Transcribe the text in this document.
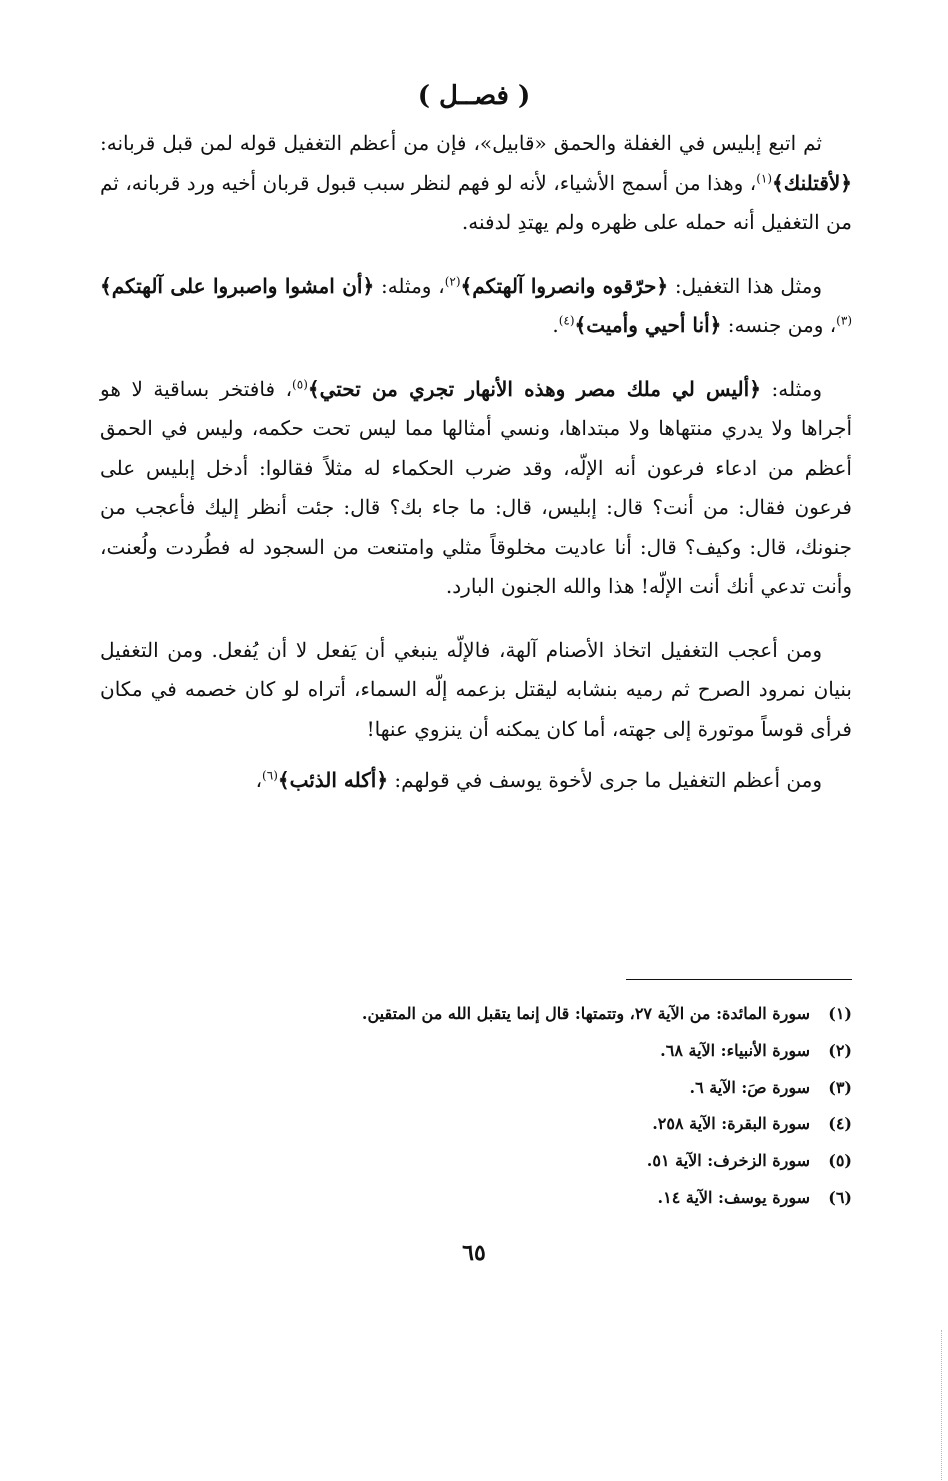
( فصــل )

ثم اتبع إبليس في الغفلة والحمق «قابيل»، فإن من أعظم التغفيل قوله لمن قبل قربانه: ﴿لأقتلنك﴾$^{(١)}$، وهذا من أسمج الأشياء، لأنه لو فهم لنظر سبب قبول قربان أخيه ورد قربانه، ثم من التغفيل أنه حمله على ظهره ولم يهتدِ لدفنه.

ومثل هذا التغفيل: ﴿حرّقوه وانصروا آلهتكم﴾$^{(٢)}$، ومثله: ﴿أن امشوا واصبروا على آلهتكم﴾$^{(٣)}$، ومن جنسه: ﴿أنا أحيي وأميت﴾$^{(٤)}$.

ومثله: ﴿أليس لي ملك مصر وهذه الأنهار تجري من تحتي﴾$^{(٥)}$، فافتخر بساقية لا هو أجراها ولا يدري منتهاها ولا مبتداها، ونسي أمثالها مما ليس تحت حكمه، وليس في الحمق أعظم من ادعاء فرعون أنه الإلّه، وقد ضرب الحكماء له مثلاً فقالوا: أدخل إبليس على فرعون فقال: من أنت؟ قال: إبليس، قال: ما جاء بك؟ قال: جئت أنظر إليك فأعجب من جنونك، قال: وكيف؟ قال: أنا عاديت مخلوقاً مثلي وامتنعت من السجود له فطُردت ولُعنت، وأنت تدعي أنك أنت الإلّه! هذا والله الجنون البارد.

ومن أعجب التغفيل اتخاذ الأصنام آلهة، فالإلّه ينبغي أن يَفعل لا أن يُفعل. ومن التغفيل بنيان نمرود الصرح ثم رميه بنشابه ليقتل بزعمه إلّه السماء، أتراه لو كان خصمه في مكان فرأى قوساً موتورة إلى جهته، أما كان يمكنه أن ينزوي عنها!

ومن أعظم التغفيل ما جرى لأخوة يوسف في قولهم: ﴿أكله الذئب﴾$^{(٦)}$،

(١)
سورة المائدة: من الآية ٢٧، وتتمتها: قال إنما يتقبل الله من المتقين.
(٢)
سورة الأنبياء: الآية ٦٨.
(٣)
سورة صَ: الآية ٦.
(٤)
سورة البقرة: الآية ٢٥٨.
(٥)
سورة الزخرف: الآية ٥١.
(٦)
سورة يوسف: الآية ١٤.
٦٥
